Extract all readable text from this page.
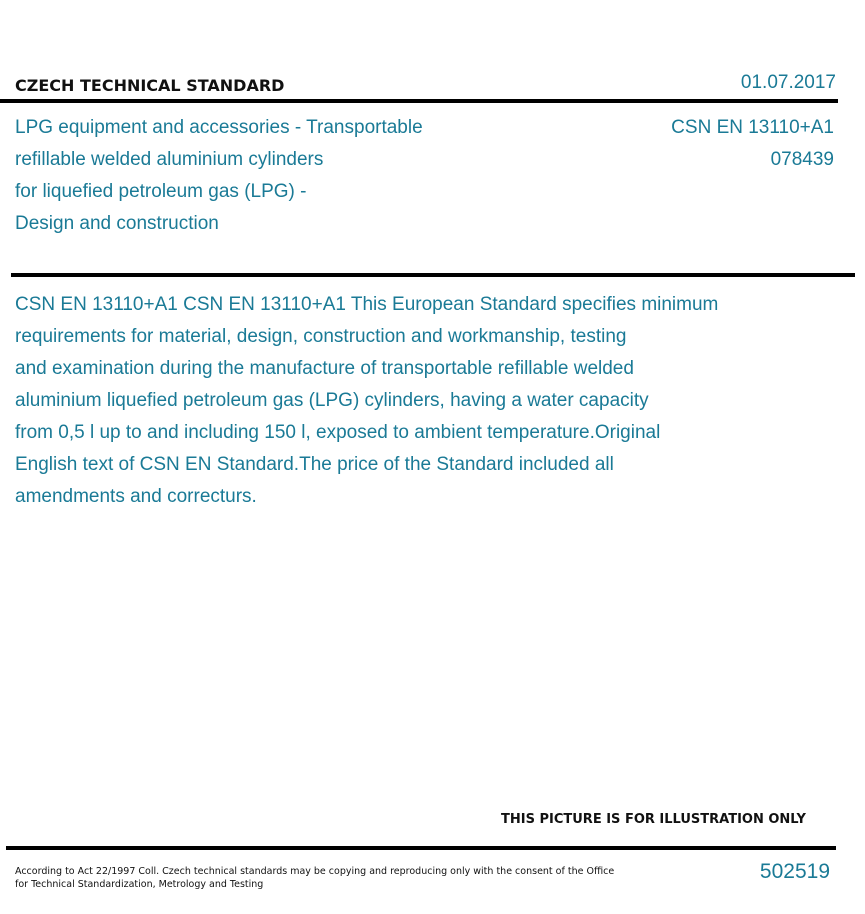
CZECH TECHNICAL STANDARD	01.07.2017
LPG equipment and accessories - Transportable
refillable welded aluminium cylinders
for liquefied petroleum gas (LPG) -
Design and construction
CSN EN 13110+A1
078439

CSN EN 13110+A1 CSN EN 13110+A1 This European Standard specifies minimum

requirements for material, design, construction and workmanship, testing

and examination during the manufacture of transportable refillable welded

aluminium liquefied petroleum gas (LPG) cylinders, having a water capacity

from 0,5 l up to and including 150 l, exposed to ambient temperature.Original

English text of CSN EN Standard.The price of the Standard included all

amendments and correcturs.

THIS PICTURE IS FOR ILLUSTRATION ONLY

According to Act 22/1997 Coll. Czech technical standards may be copying and reproducing only with the consent of the Office

for Technical Standardization, Metrology and Testing

502519
